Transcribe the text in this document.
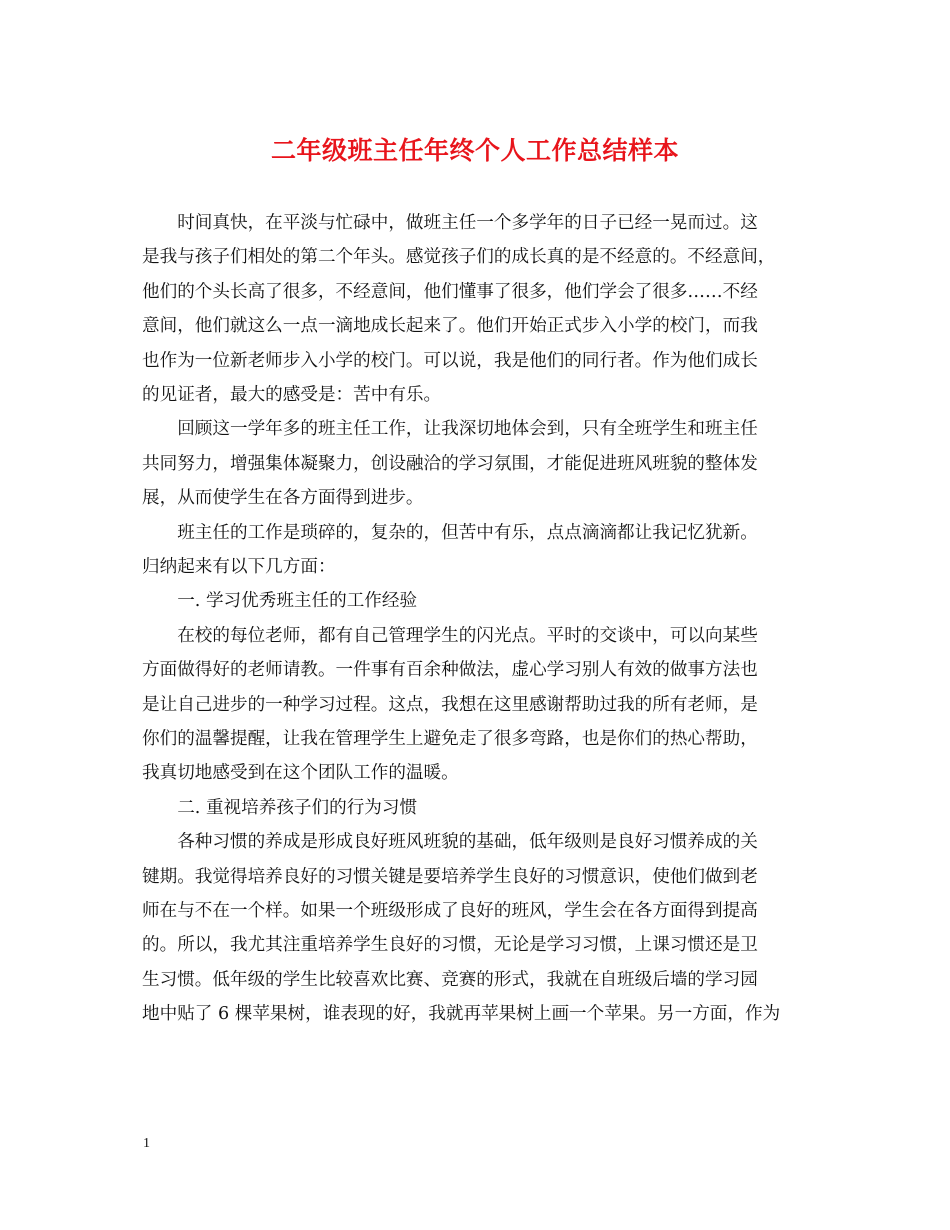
二年级班主任年终个人工作总结样本
　　时间真快，在平淡与忙碌中，做班主任一个多学年的日子已经一晃而过。这
是我与孩子们相处的第二个年头。感觉孩子们的成长真的是不经意的。不经意间，
他们的个头长高了很多，不经意间，他们懂事了很多，他们学会了很多……不经
意间，他们就这么一点一滴地成长起来了。他们开始正式步入小学的校门，而我
也作为一位新老师步入小学的校门。可以说，我是他们的同行者。作为他们成长
的见证者，最大的感受是：苦中有乐。
　　回顾这一学年多的班主任工作，让我深切地体会到，只有全班学生和班主任
共同努力，增强集体凝聚力，创设融洽的学习氛围，才能促进班风班貌的整体发
展，从而使学生在各方面得到进步。
　　班主任的工作是琐碎的，复杂的，但苦中有乐，点点滴滴都让我记忆犹新。
归纳起来有以下几方面：
　　一. 学习优秀班主任的工作经验
　　在校的每位老师，都有自己管理学生的闪光点。平时的交谈中，可以向某些
方面做得好的老师请教。一件事有百余种做法，虚心学习别人有效的做事方法也
是让自己进步的一种学习过程。这点，我想在这里感谢帮助过我的所有老师，是
你们的温馨提醒，让我在管理学生上避免走了很多弯路，也是你们的热心帮助，
我真切地感受到在这个团队工作的温暖。
　　二. 重视培养孩子们的行为习惯
　　各种习惯的养成是形成良好班风班貌的基础，低年级则是良好习惯养成的关
键期。我觉得培养良好的习惯关键是要培养学生良好的习惯意识，使他们做到老
师在与不在一个样。如果一个班级形成了良好的班风，学生会在各方面得到提高
的。所以，我尤其注重培养学生良好的习惯，无论是学习习惯，上课习惯还是卫
生习惯。低年级的学生比较喜欢比赛、竞赛的形式，我就在自班级后墙的学习园
地中贴了 6 棵苹果树，谁表现的好，我就再苹果树上画一个苹果。另一方面，作为
1
